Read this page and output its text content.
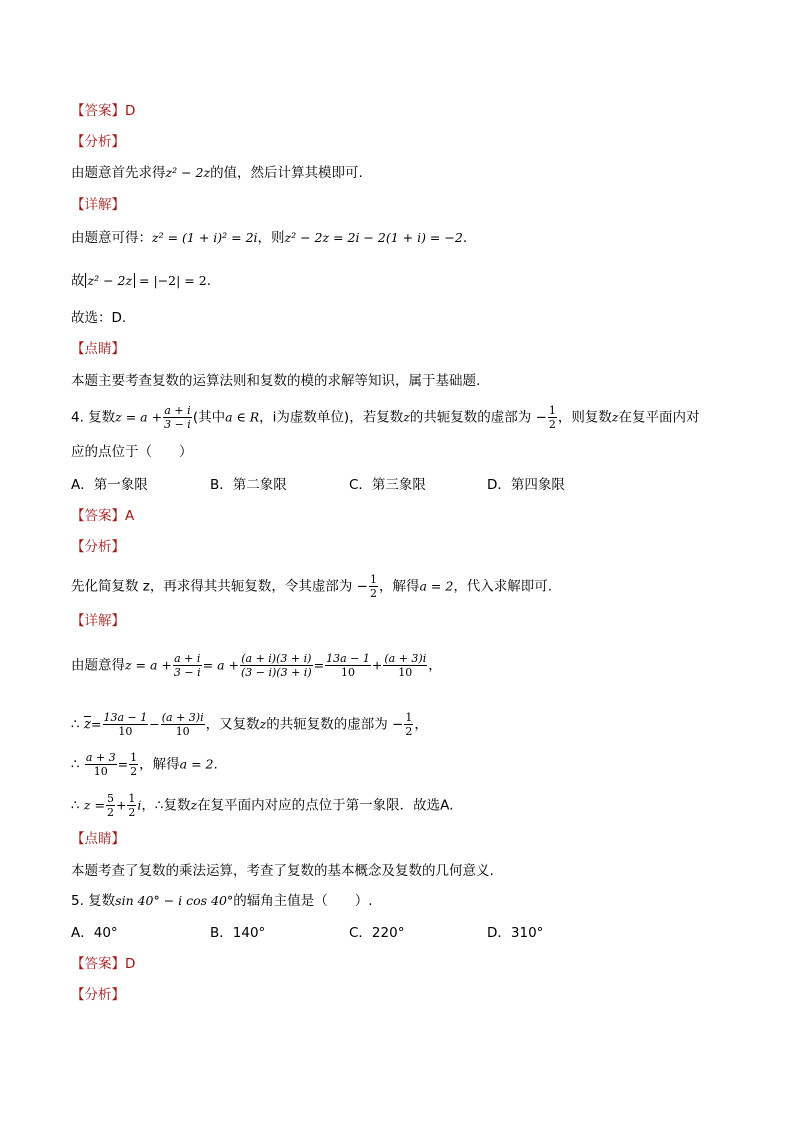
【答案】D
【分析】
由题意首先求得z² − 2z的值，然后计算其模即可.
【详解】
由题意可得：z² = (1 + i)² = 2i，则z² − 2z = 2i − 2(1 + i) = −2.
故 z² − 2z = |−2| = 2.
故选：D.
【点睛】
本题主要考查复数的运算法则和复数的模的求解等知识，属于基础题.
4. 复数$z = a + \frac{a + i}{3 - i}$ (其中a ∈ R，i为虚数单位)，若复数z的共轭复数的虚部为 − $\frac{1}{2}$ ，则复数z在复平面内对
应的点位于（　　）
A．第一象限	B．第二象限	C．第三象限	D．第四象限
【答案】A
【分析】
先化简复数 z，再求得其共轭复数，令其虚部为 − $\frac{1}{2}$ ，解得a = 2，代入求解即可.
【详解】
由题意得$z = a + \frac{a + i}{3 - i} = a + \frac{(a + i)(3 + i)}{(3 - i)(3 + i)} = \frac{13a - 1}{10} + \frac{(a + 3)i}{10}$ ，
∴ $\overline{z}= \frac{13a - 1}{10} - \frac{(a + 3)i}{10}$ ，又复数z的共轭复数的虚部为 − $\frac{1}{2}$ ，
∴ $\frac{a + 3}{10} = \frac{1}{2}$ ，解得a = 2.
∴ $z = \frac{5}{2} + \frac{1}{2}$ i，∴复数z在复平面内对应的点位于第一象限．故选A.
【点睛】
本题考查了复数的乘法运算，考查了复数的基本概念及复数的几何意义.
5. 复数sin 40° − i cos 40°的辐角主值是（　　）.
A．40°	B．140°	C．220°	D．310°
【答案】D
【分析】
